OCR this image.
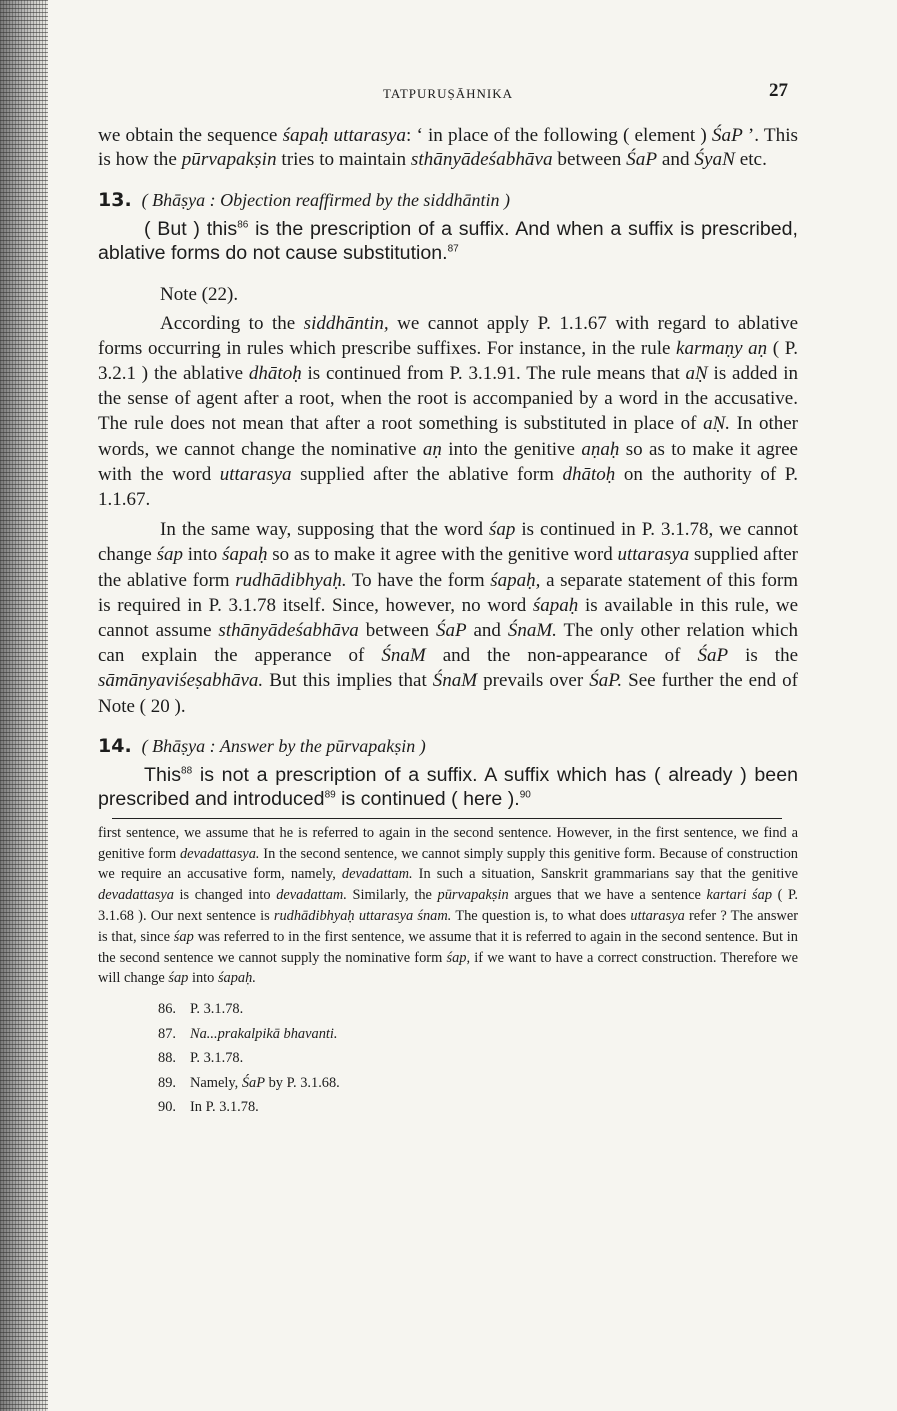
TATPURUṢĀHNIKA	27

we obtain the sequence śapaḥ uttarasya: ‘ in place of the following ( element ) ŚaP ’. This is how the pūrvapakṣin tries to maintain sthānyādeśabhāva between ŚaP and ŚyaN etc.

13. ( Bhāṣya : Objection reaffirmed by the siddhāntin )

( But ) this$^{86}$ is the prescription of a suffix. And when a suffix is prescribed, ablative forms do not cause substitution.$^{87}$

Note (22).

According to the siddhāntin, we cannot apply P. 1.1.67 with regard to ablative forms occurring in rules which prescribe suffixes. For instance, in the rule karmaṇy aṇ ( P. 3.2.1 ) the ablative dhātoḥ is continued from P. 3.1.91. The rule means that aṆ is added in the sense of agent after a root, when the root is accompanied by a word in the accusative. The rule does not mean that after a root something is substituted in place of aṆ. In other words, we cannot change the nominative aṇ into the genitive aṇaḥ so as to make it agree with the word uttarasya supplied after the ablative form dhātoḥ on the authority of P. 1.1.67.

In the same way, supposing that the word śap is continued in P. 3.1.78, we cannot change śap into śapaḥ so as to make it agree with the genitive word uttarasya supplied after the ablative form rudhādibhyaḥ. To have the form śapaḥ, a separate statement of this form is required in P. 3.1.78 itself. Since, however, no word śapaḥ is available in this rule, we cannot assume sthānyādeśabhāva between ŚaP and ŚnaM. The only other relation which can explain the apperance of ŚnaM and the non-appearance of ŚaP is the sāmānyaviśeṣabhāva. But this implies that ŚnaM prevails over ŚaP. See further the end of Note ( 20 ).

14. ( Bhāṣya : Answer by the pūrvapakṣin )

This$^{88}$ is not a prescription of a suffix. A suffix which has ( already ) been prescribed and introduced$^{89}$ is continued ( here ).$^{90}$

first sentence, we assume that he is referred to again in the second sentence. However, in the first sentence, we find a genitive form devadattasya. In the second sentence, we cannot simply supply this genitive form. Because of construction we require an accusative form, namely, devadattam. In such a situation, Sanskrit grammarians say that the genitive devadattasya is changed into devadattam. Similarly, the pūrvapakṣin argues that we have a sentence kartari śap ( P. 3.1.68 ). Our next sentence is rudhādibhyaḥ uttarasya śnam. The question is, to what does uttarasya refer ? The answer is that, since śap was referred to in the first sentence, we assume that it is referred to again in the second sentence. But in the second sentence we cannot supply the nominative form śap, if we want to have a correct construction. Therefore we will change śap into śapaḥ.

86. P. 3.1.78.
87. Na...prakalpikā bhavanti.
88. P. 3.1.78.
89. Namely, ŚaP by P. 3.1.68.
90. In P. 3.1.78.
